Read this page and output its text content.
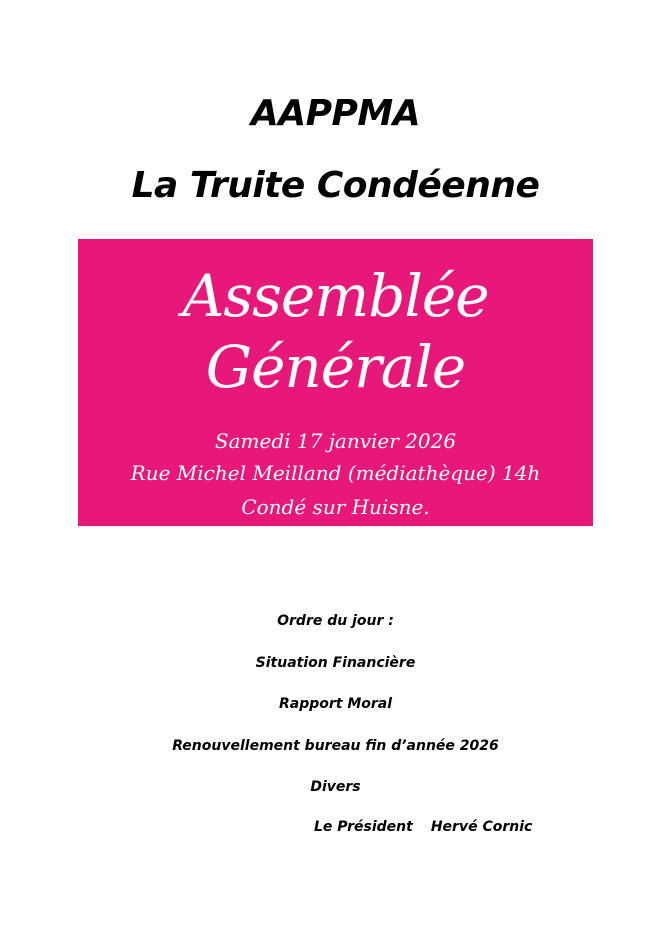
AAPPMA
La Truite Condéenne
Assemblée
Générale
Samedi 17 janvier 2026
Rue Michel Meilland (médiathèque) 14h
Condé sur Huisne.
Ordre du jour :
Situation Financière
Rapport Moral
Renouvellement bureau fin d’année 2026
Divers
Le Président Hervé Cornic
